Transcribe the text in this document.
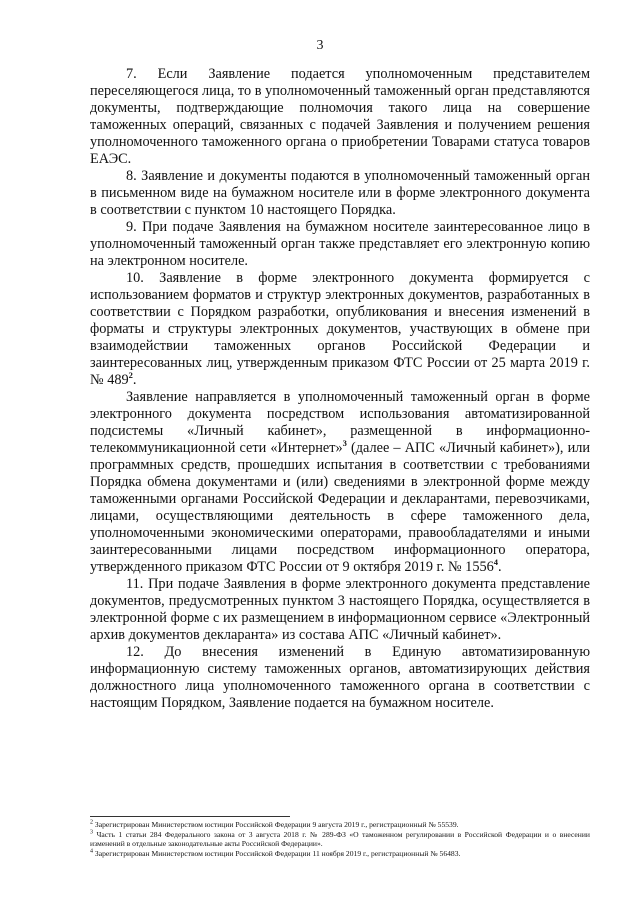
3

7. Если Заявление подается уполномоченным представителем переселяющегося лица, то в уполномоченный таможенный орган представляются документы, подтверждающие полномочия такого лица на совершение таможенных операций, связанных с подачей Заявления и получением решения уполномоченного таможенного органа о приобретении Товарами статуса товаров ЕАЭС.

8. Заявление и документы подаются в уполномоченный таможенный орган в письменном виде на бумажном носителе или в форме электронного документа в соответствии с пунктом 10 настоящего Порядка.

9. При подаче Заявления на бумажном носителе заинтересованное лицо в уполномоченный таможенный орган также представляет его электронную копию на электронном носителе.

10. Заявление в форме электронного документа формируется с использованием форматов и структур электронных документов, разработанных в соответствии с Порядком разработки, опубликования и внесения изменений в форматы и структуры электронных документов, участвующих в обмене при взаимодействии таможенных органов Российской Федерации и заинтересованных лиц, утвержденным приказом ФТС России от 25 марта 2019 г. № $489^2$.

Заявление направляется в уполномоченный таможенный орган в форме электронного документа посредством использования автоматизированной подсистемы «Личный кабинет», размещенной в информационно-телекоммуникационной сети «Интернет»$^3$ (далее – АПС «Личный кабинет»), или программных средств, прошедших испытания в соответствии с требованиями Порядка обмена документами и (или) сведениями в электронной форме между таможенными органами Российской Федерации и декларантами, перевозчиками, лицами, осуществляющими деятельность в сфере таможенного дела, уполномоченными экономическими операторами, правообладателями и иными заинтересованными лицами посредством информационного оператора, утвержденного приказом ФТС России от 9 октября 2019 г. № 1556$^4$.

11. При подаче Заявления в форме электронного документа представление документов, предусмотренных пунктом 3 настоящего Порядка, осуществляется в электронной форме с их размещением в информационном сервисе «Электронный архив документов декларанта» из состава АПС «Личный кабинет».

12. До внесения изменений в Единую автоматизированную информационную систему таможенных органов, автоматизирующих действия должностного лица уполномоченного таможенного органа в соответствии с настоящим Порядком, Заявление подается на бумажном носителе.

$^2$ Зарегистрирован Министерством юстиции Российской Федерации 9 августа 2019 г., регистрационный № 55539.

$^3$ Часть 1 статьи 284 Федерального закона от 3 августа 2018 г. № 289-ФЗ «О таможенном регулировании в Российской Федерации и о внесении изменений в отдельные законодательные акты Российской Федерации».

$^4$ Зарегистрирован Министерством юстиции Российской Федерации 11 ноября 2019 г., регистрационный № 56483.
